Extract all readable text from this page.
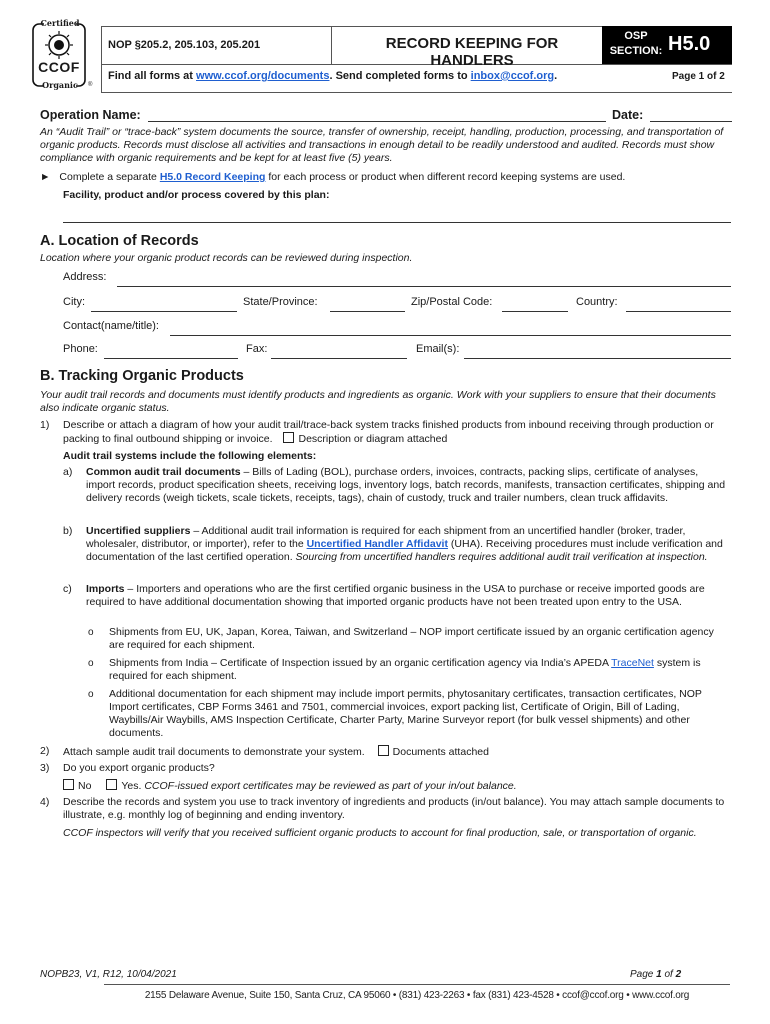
Certified
CCOF
Organic	®
NOP §205.2, 205.103, 205.201	RECORD KEEPING FOR HANDLERS
OSP
SECTION: H5.0
Find all forms at www.ccof.org/documents. Send completed forms to inbox@ccof.org.	Page 1 of 2
Operation Name:	Date:
An “Audit Trail” or “trace-back” system documents the source, transfer of ownership, receipt, handling, production, processing, and transportation of organic products. Records must disclose all activities and transactions in enough detail to be readily understood and audited. Records must show compliance with organic requirements and be kept for at least five (5) years.
► Complete a separate H5.0 Record Keeping for each process or product when different record keeping systems are used.
Facility, product and/or process covered by this plan:
A. Location of Records
Location where your organic product records can be reviewed during inspection.
Address:
City:	State/Province:	Zip/Postal Code:	Country:
Contact(name/title):
Phone:	Fax:	Email(s):
B. Tracking Organic Products
Your audit trail records and documents must identify products and ingredients as organic. Work with your suppliers to ensure that their documents also indicate organic status.
1) Describe or attach a diagram of how your audit trail/trace-back system tracks finished products from inbound receiving through production or packing to final outbound shipping or invoice. Description or diagram attached
Audit trail systems include the following elements:
a) Common audit trail documents – Bills of Lading (BOL), purchase orders, invoices, contracts, packing slips, certificate of analyses, import records, product specification sheets, receiving logs, inventory logs, batch records, manifests, transaction certificates, shipping and delivery records (weigh tickets, scale tickets, receipts, tags), chain of custody, truck and trailer numbers, clean truck affidavits.
b) Uncertified suppliers – Additional audit trail information is required for each shipment from an uncertified handler (broker, trader, wholesaler, distributor, or importer), refer to the Uncertified Handler Affidavit (UHA). Receiving procedures must include verification and documentation of the last certified operation. Sourcing from uncertified handlers requires additional audit trail verification at inspection.
c) Imports – Importers and operations who are the first certified organic business in the USA to purchase or receive imported goods are required to have additional documentation showing that imported organic products have not been treated upon entry to the USA.
o Shipments from EU, UK, Japan, Korea, Taiwan, and Switzerland – NOP import certificate issued by an organic certification agency are required for each shipment.
o Shipments from India – Certificate of Inspection issued by an organic certification agency via India’s APEDA TraceNet system is required for each shipment.
o Additional documentation for each shipment may include import permits, phytosanitary certificates, transaction certificates, NOP Import certificates, CBP Forms 3461 and 7501, commercial invoices, export packing list, Certificate of Origin, Bill of Lading, Waybills/Air Waybills, AMS Inspection Certificate, Charter Party, Marine Surveyor report (for bulk vessel shipments) and other documents.
2) Attach sample audit trail documents to demonstrate your system.	Documents attached
3) Do you export organic products?
No	Yes. CCOF-issued export certificates may be reviewed as part of your in/out balance.
4) Describe the records and system you use to track inventory of ingredients and products (in/out balance). You may attach sample documents to illustrate, e.g. monthly log of beginning and ending inventory.
CCOF inspectors will verify that you received sufficient organic products to account for final production, sale, or transportation of organic.
NOPB23, V1, R12, 10/04/2021	Page 1 of 2
2155 Delaware Avenue, Suite 150, Santa Cruz, CA 95060 • (831) 423-2263 • fax (831) 423-4528 • ccof@ccof.org • www.ccof.org
